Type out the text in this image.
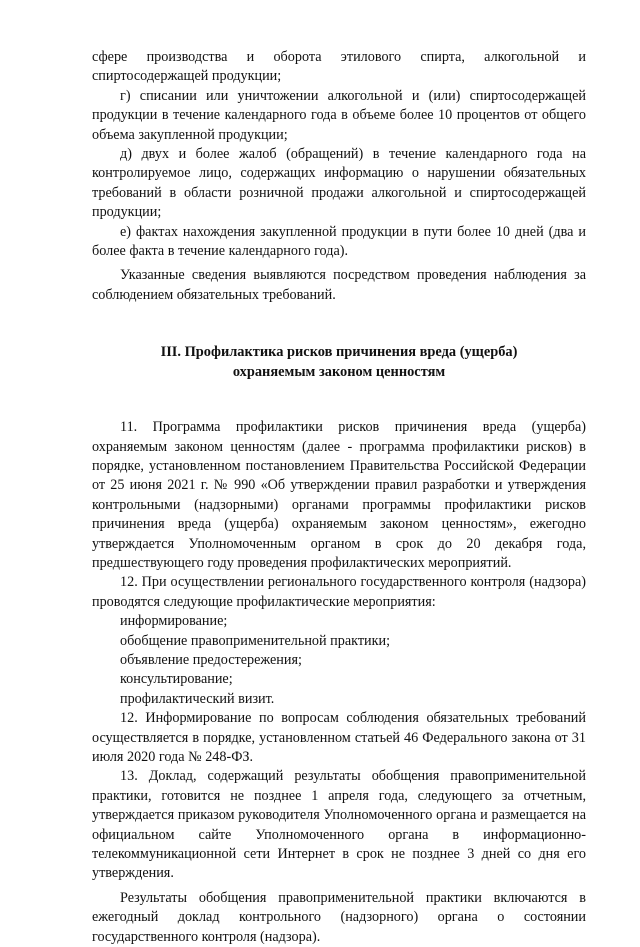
сфере производства и оборота этилового спирта, алкогольной и спиртосодержащей продукции;

г) списании или уничтожении алкогольной и (или) спиртосодержащей продукции в течение календарного года в объеме более 10 процентов от общего объема закупленной продукции;

д) двух и более жалоб (обращений) в течение календарного года на контролируемое лицо, содержащих информацию о нарушении обязательных требований в области розничной продажи алкогольной и спиртосодержащей продукции;

е) фактах нахождения закупленной продукции в пути более 10 дней (два и более факта в течение календарного года).

Указанные сведения выявляются посредством проведения наблюдения за соблюдением обязательных требований.

III. Профилактика рисков причинения вреда (ущерба)
охраняемым законом ценностям

11. Программа профилактики рисков причинения вреда (ущерба) охраняемым законом ценностям (далее - программа профилактики рисков) в порядке, установленном постановлением Правительства Российской Федерации от 25 июня 2021 г. № 990 «Об утверждении правил разработки и утверждения контрольными (надзорными) органами программы профилактики рисков причинения вреда (ущерба) охраняемым законом ценностям», ежегодно утверждается Уполномоченным органом в срок до 20 декабря года, предшествующего году проведения профилактических мероприятий.

12. При осуществлении регионального государственного контроля (надзора) проводятся следующие профилактические мероприятия:

информирование;
обобщение правоприменительной практики;
объявление предостережения;
консультирование;
профилактический визит.

12. Информирование по вопросам соблюдения обязательных требований осуществляется в порядке, установленном статьей 46 Федерального закона от 31 июля 2020 года № 248-ФЗ.

13. Доклад, содержащий результаты обобщения правоприменительной практики, готовится не позднее 1 апреля года, следующего за отчетным, утверждается приказом руководителя Уполномоченного органа и размещается на официальном сайте Уполномоченного органа в информационно-телекоммуникационной сети Интернет в срок не позднее 3 дней со дня его утверждения.

Результаты обобщения правоприменительной практики включаются в ежегодный доклад контрольного (надзорного) органа о состоянии государственного контроля (надзора).
